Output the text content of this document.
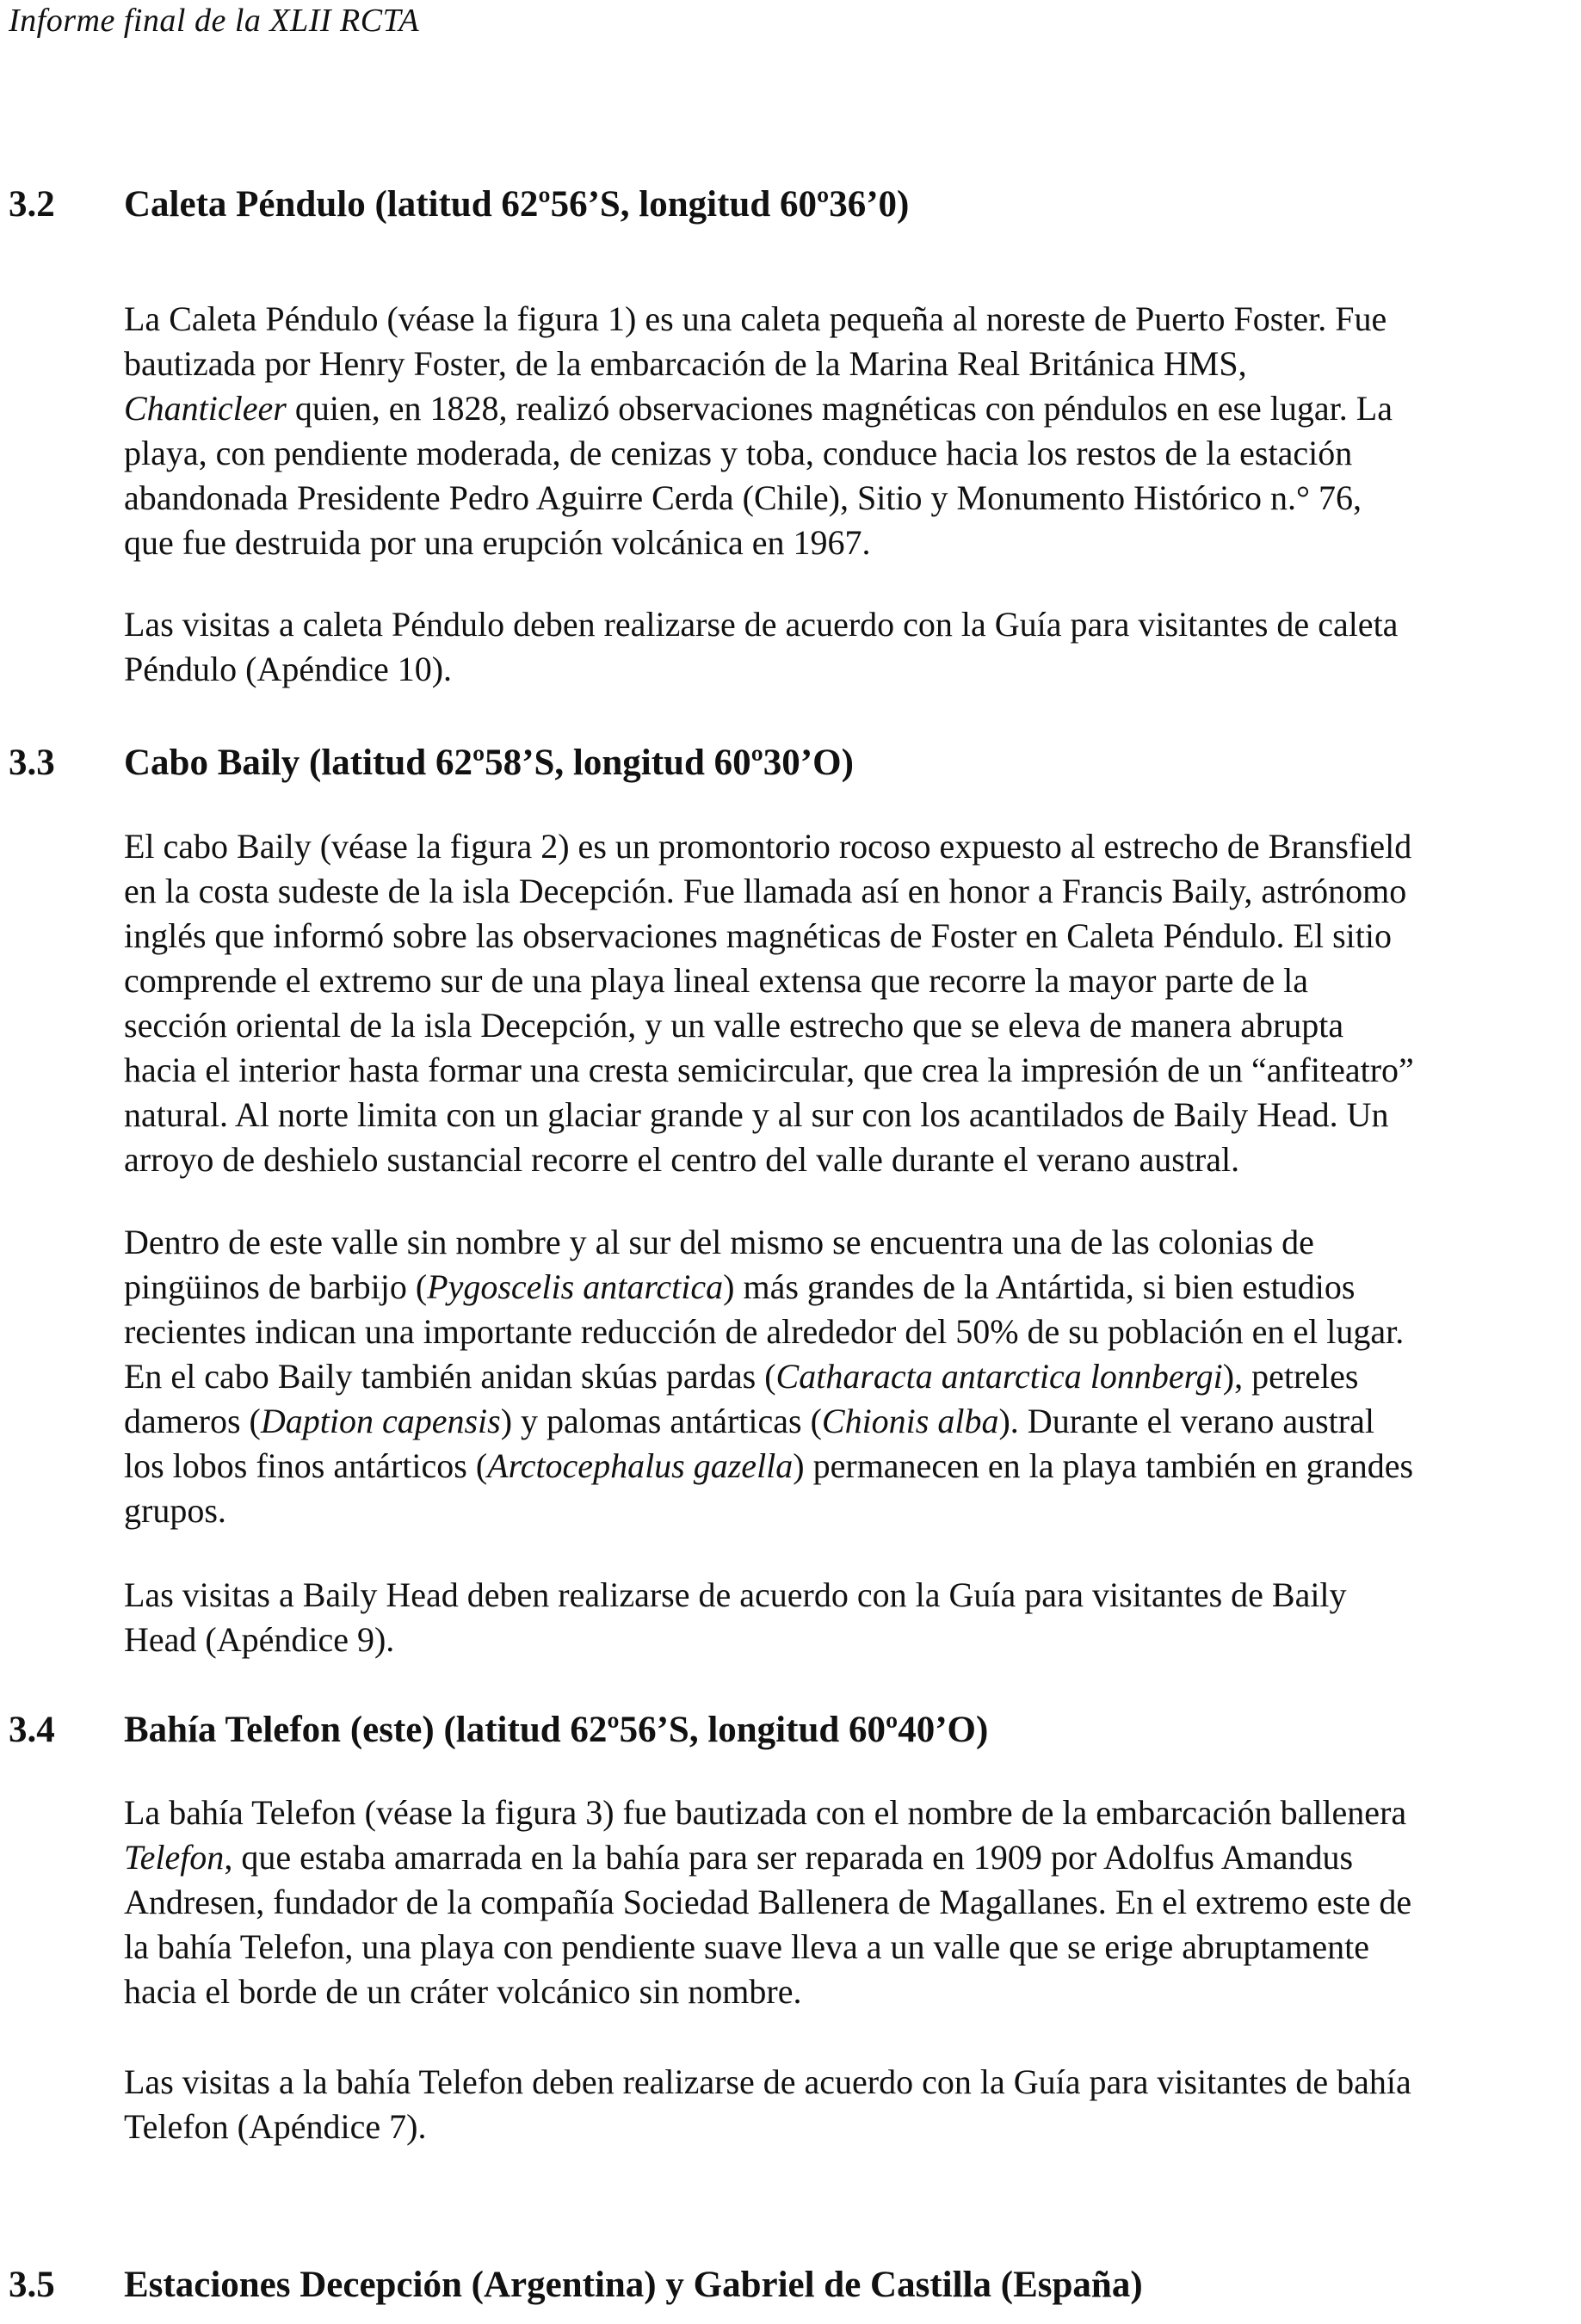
Informe final de la XLII RCTA
3.2 Caleta Péndulo (latitud 62º56’S, longitud 60º36’0)
La Caleta Péndulo (véase la figura 1) es una caleta pequeña al noreste de Puerto Foster. Fue
bautizada por Henry Foster, de la embarcación de la Marina Real Británica HMS,
Chanticleer quien, en 1828, realizó observaciones magnéticas con péndulos en ese lugar. La
playa, con pendiente moderada, de cenizas y toba, conduce hacia los restos de la estación
abandonada Presidente Pedro Aguirre Cerda (Chile), Sitio y Monumento Histórico n.° 76,
que fue destruida por una erupción volcánica en 1967.
Las visitas a caleta Péndulo deben realizarse de acuerdo con la Guía para visitantes de caleta
Péndulo (Apéndice 10).
3.3 Cabo Baily (latitud 62º58’S, longitud 60º30’O)
El cabo Baily (véase la figura 2) es un promontorio rocoso expuesto al estrecho de Bransfield
en la costa sudeste de la isla Decepción. Fue llamada así en honor a Francis Baily, astrónomo
inglés que informó sobre las observaciones magnéticas de Foster en Caleta Péndulo. El sitio
comprende el extremo sur de una playa lineal extensa que recorre la mayor parte de la
sección oriental de la isla Decepción, y un valle estrecho que se eleva de manera abrupta
hacia el interior hasta formar una cresta semicircular, que crea la impresión de un “anfiteatro”
natural. Al norte limita con un glaciar grande y al sur con los acantilados de Baily Head. Un
arroyo de deshielo sustancial recorre el centro del valle durante el verano austral.
Dentro de este valle sin nombre y al sur del mismo se encuentra una de las colonias de
pingüinos de barbijo (Pygoscelis antarctica) más grandes de la Antártida, si bien estudios
recientes indican una importante reducción de alrededor del 50% de su población en el lugar.
En el cabo Baily también anidan skúas pardas (Catharacta antarctica lonnbergi), petreles
dameros (Daption capensis) y palomas antárticas (Chionis alba). Durante el verano austral
los lobos finos antárticos (Arctocephalus gazella) permanecen en la playa también en grandes
grupos.
Las visitas a Baily Head deben realizarse de acuerdo con la Guía para visitantes de Baily
Head (Apéndice 9).
3.4 Bahía Telefon (este) (latitud 62º56’S, longitud 60º40’O)
La bahía Telefon (véase la figura 3) fue bautizada con el nombre de la embarcación ballenera
Telefon, que estaba amarrada en la bahía para ser reparada en 1909 por Adolfus Amandus
Andresen, fundador de la compañía Sociedad Ballenera de Magallanes. En el extremo este de
la bahía Telefon, una playa con pendiente suave lleva a un valle que se erige abruptamente
hacia el borde de un cráter volcánico sin nombre.
Las visitas a la bahía Telefon deben realizarse de acuerdo con la Guía para visitantes de bahía
Telefon (Apéndice 7).
3.5 Estaciones Decepción (Argentina) y Gabriel de Castilla (España)
